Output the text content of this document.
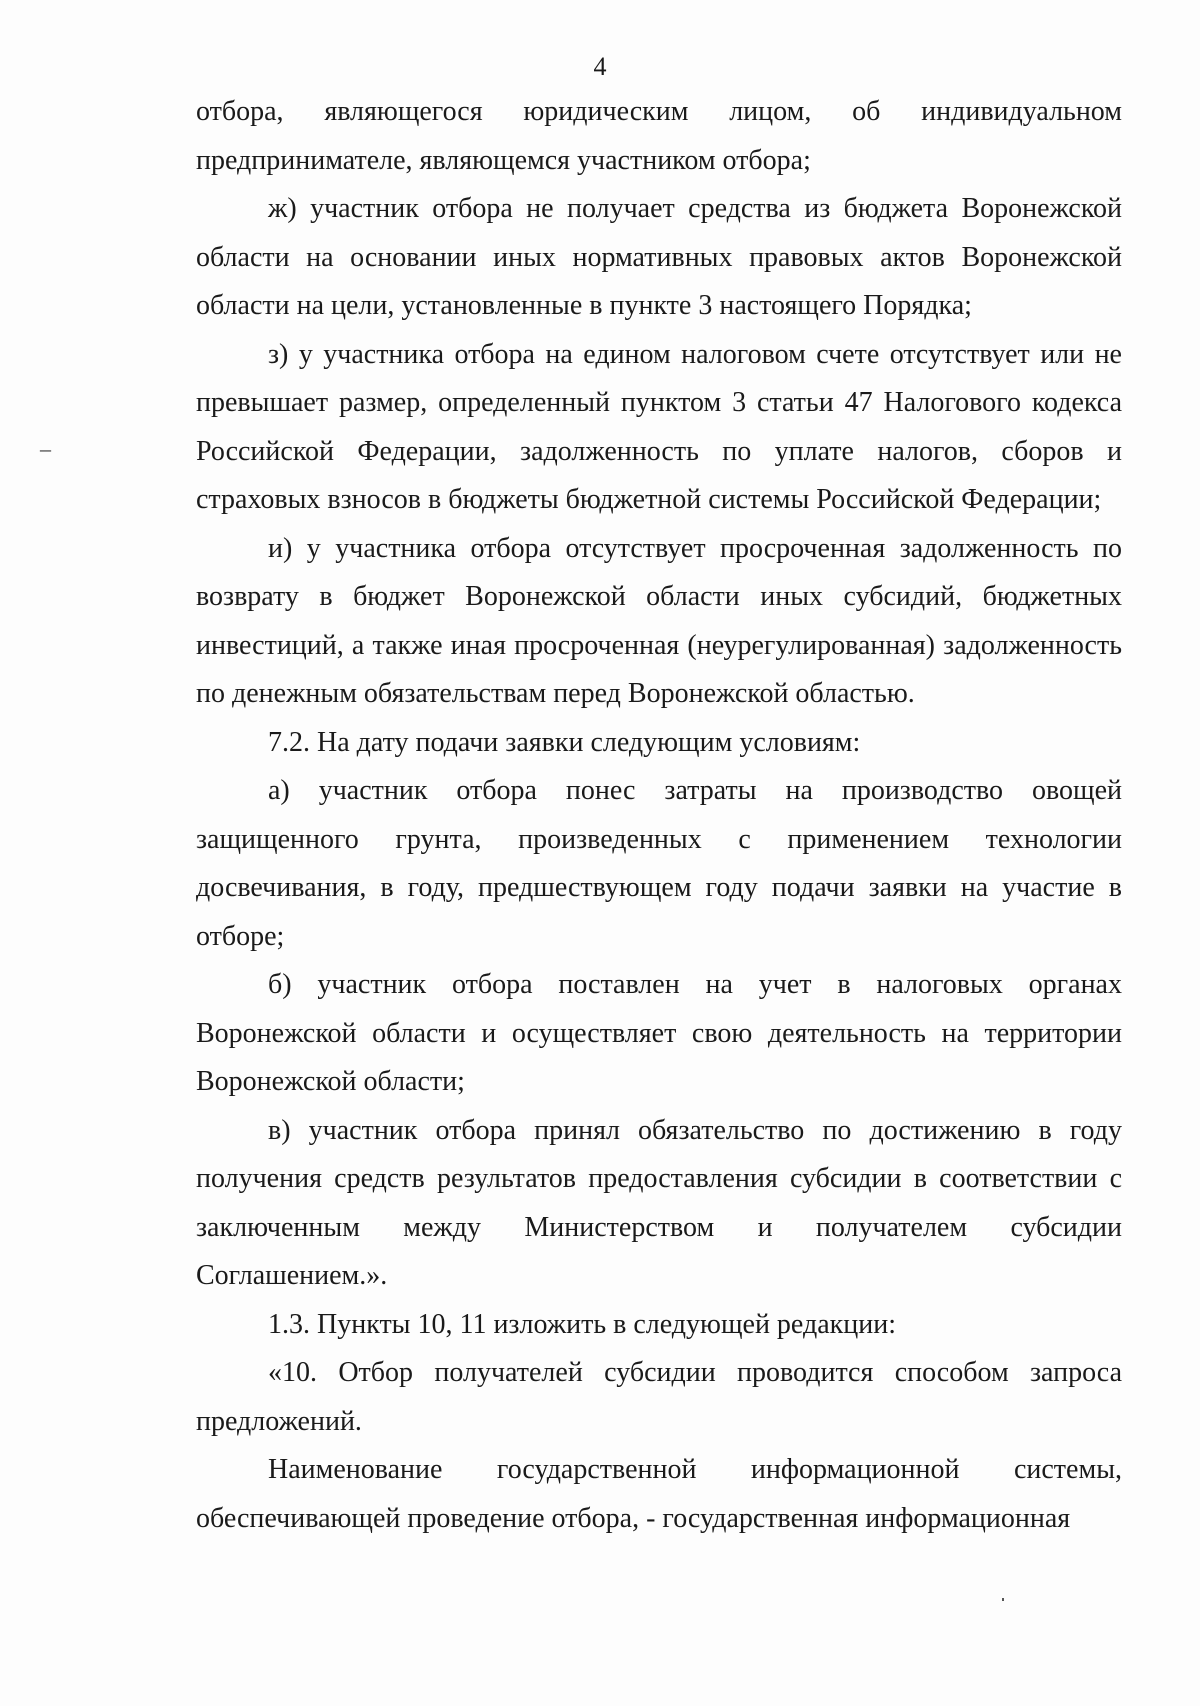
4
–
отбора, являющегося юридическим лицом, об индивидуальном
предпринимателе, являющемся участником отбора;
ж) участник отбора не получает средства из бюджета Воронежской
области на основании иных нормативных правовых актов Воронежской
области на цели, установленные в пункте 3 настоящего Порядка;
з) у участника отбора на едином налоговом счете отсутствует или не
превышает размер, определенный пунктом 3 статьи 47 Налогового кодекса
Российской Федерации, задолженность по уплате налогов, сборов и
страховых взносов в бюджеты бюджетной системы Российской Федерации;
и) у участника отбора отсутствует просроченная задолженность по
возврату в бюджет Воронежской области иных субсидий, бюджетных
инвестиций, а также иная просроченная (неурегулированная) задолженность
по денежным обязательствам перед Воронежской областью.
7.2. На дату подачи заявки следующим условиям:
а) участник отбора понес затраты на производство овощей
защищенного грунта, произведенных с применением технологии
досвечивания, в году, предшествующем году подачи заявки на участие в
отборе;
б) участник отбора поставлен на учет в налоговых органах
Воронежской области и осуществляет свою деятельность на территории
Воронежской области;
в) участник отбора принял обязательство по достижению в году
получения средств результатов предоставления субсидии в соответствии с
заключенным между Министерством и получателем субсидии
Соглашением.».
1.3. Пункты 10, 11 изложить в следующей редакции:
«10. Отбор получателей субсидии проводится способом запроса
предложений.
Наименование государственной информационной системы,
обеспечивающей проведение отбора, - государственная информационная
